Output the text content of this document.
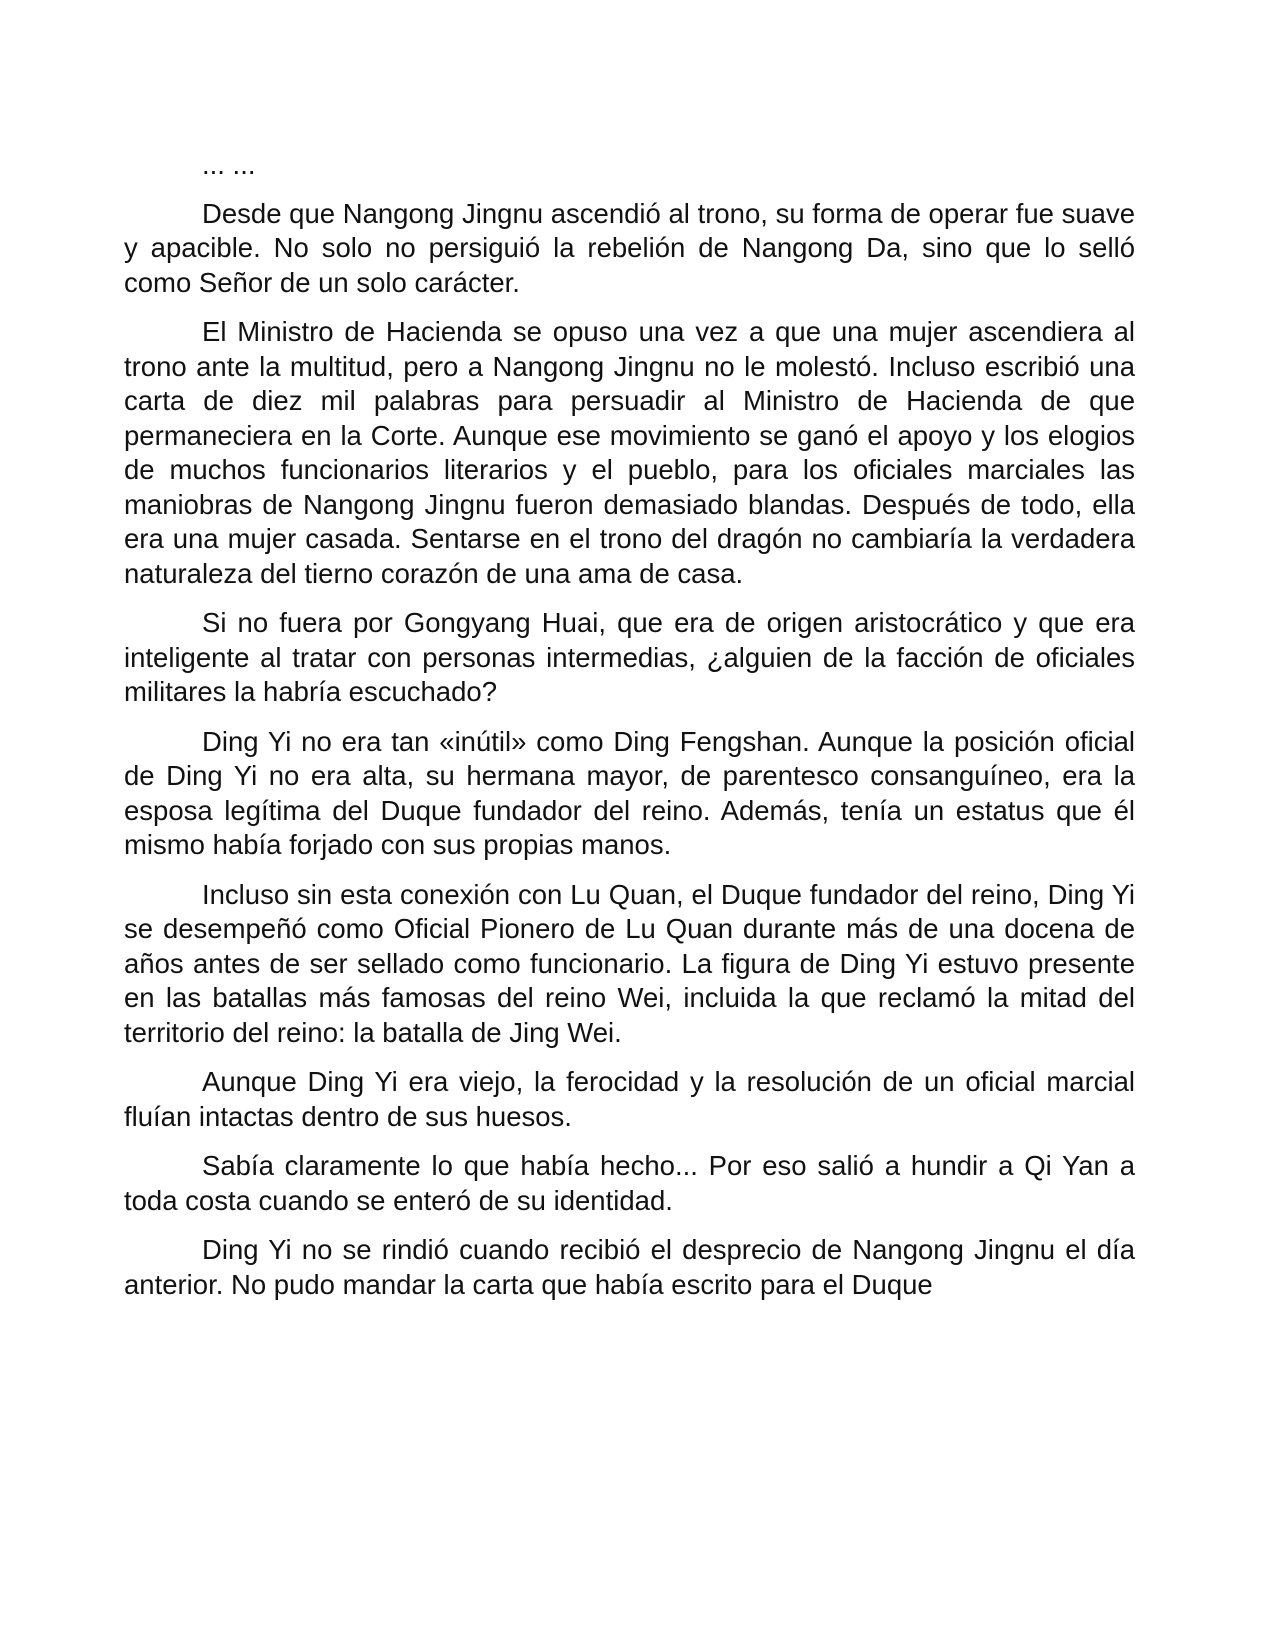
... ...

Desde que Nangong Jingnu ascendió al trono, su forma de operar fue suave y apacible. No solo no persiguió la rebelión de Nangong Da, sino que lo selló como Señor de un solo carácter.

El Ministro de Hacienda se opuso una vez a que una mujer ascendiera al trono ante la multitud, pero a Nangong Jingnu no le molestó. Incluso escribió una carta de diez mil palabras para persuadir al Ministro de Hacienda de que permaneciera en la Corte. Aunque ese movimiento se ganó el apoyo y los elogios de muchos funcionarios literarios y el pueblo, para los oficiales marciales las maniobras de Nangong Jingnu fueron demasiado blandas. Después de todo, ella era una mujer casada. Sentarse en el trono del dragón no cambiaría la verdadera naturaleza del tierno corazón de una ama de casa.

Si no fuera por Gongyang Huai, que era de origen aristocrático y que era inteligente al tratar con personas intermedias, ¿alguien de la facción de oficiales militares la habría escuchado?

Ding Yi no era tan «inútil» como Ding Fengshan. Aunque la posición oficial de Ding Yi no era alta, su hermana mayor, de parentesco consanguíneo, era la esposa legítima del Duque fundador del reino. Además, tenía un estatus que él mismo había forjado con sus propias manos.

Incluso sin esta conexión con Lu Quan, el Duque fundador del reino, Ding Yi se desempeñó como Oficial Pionero de Lu Quan durante más de una docena de años antes de ser sellado como funcionario. La figura de Ding Yi estuvo presente en las batallas más famosas del reino Wei, incluida la que reclamó la mitad del territorio del reino: la batalla de Jing Wei.

Aunque Ding Yi era viejo, la ferocidad y la resolución de un oficial marcial fluían intactas dentro de sus huesos.

Sabía claramente lo que había hecho... Por eso salió a hundir a Qi Yan a toda costa cuando se enteró de su identidad.

Ding Yi no se rindió cuando recibió el desprecio de Nangong Jingnu el día anterior. No pudo mandar la carta que había escrito para el Duque
